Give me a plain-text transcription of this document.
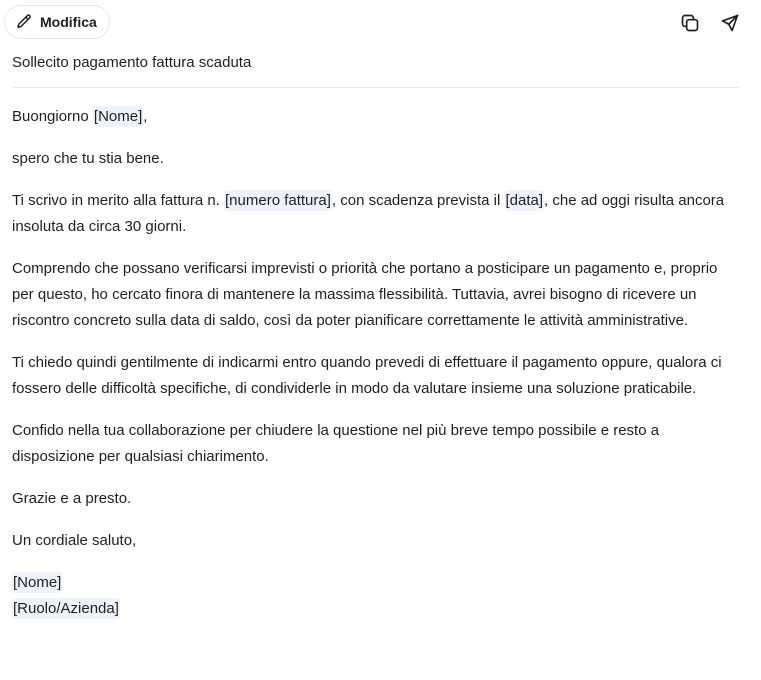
Modifica
Sollecito pagamento fattura scaduta

Buongiorno [Nome],

spero che tu stia bene.

Ti scrivo in merito alla fattura n. [numero fattura], con scadenza prevista il [data], che ad oggi risulta ancora insoluta da circa 30 giorni.

Comprendo che possano verificarsi imprevisti o priorità che portano a posticipare un pagamento e, proprio per questo, ho cercato finora di mantenere la massima flessibilità. Tuttavia, avrei bisogno di ricevere un riscontro concreto sulla data di saldo, così da poter pianificare correttamente le attività amministrative.

Ti chiedo quindi gentilmente di indicarmi entro quando prevedi di effettuare il pagamento oppure, qualora ci fossero delle difficoltà specifiche, di condividerle in modo da valutare insieme una soluzione praticabile.

Confido nella tua collaborazione per chiudere la questione nel più breve tempo possibile e resto a disposizione per qualsiasi chiarimento.

Grazie e a presto.

Un cordiale saluto,

[Nome]
[Ruolo/Azienda]
